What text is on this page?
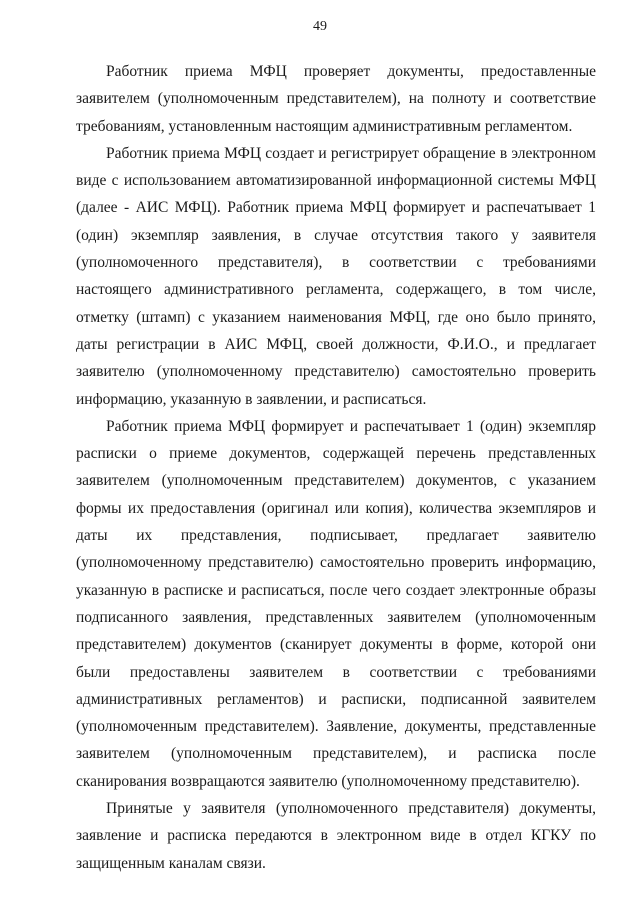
49

Работник приема МФЦ проверяет документы, предоставленные заявителем (уполномоченным представителем), на полноту и соответствие требованиям, установленным настоящим административным регламентом.

Работник приема МФЦ создает и регистрирует обращение в электронном виде с использованием автоматизированной информационной системы МФЦ (далее - АИС МФЦ). Работник приема МФЦ формирует и распечатывает 1 (один) экземпляр заявления, в случае отсутствия такого у заявителя (уполномоченного представителя), в соответствии с требованиями настоящего административного регламента, содержащего, в том числе, отметку (штамп) с указанием наименования МФЦ, где оно было принято, даты регистрации в АИС МФЦ, своей должности, Ф.И.О., и предлагает заявителю (уполномоченному представителю) самостоятельно проверить информацию, указанную в заявлении, и расписаться.

Работник приема МФЦ формирует и распечатывает 1 (один) экземпляр расписки о приеме документов, содержащей перечень представленных заявителем (уполномоченным представителем) документов, с указанием формы их предоставления (оригинал или копия), количества экземпляров и даты их представления, подписывает, предлагает заявителю (уполномоченному представителю) самостоятельно проверить информацию, указанную в расписке и расписаться, после чего создает электронные образы подписанного заявления, представленных заявителем (уполномоченным представителем) документов (сканирует документы в форме, которой они были предоставлены заявителем в соответствии с требованиями административных регламентов) и расписки, подписанной заявителем (уполномоченным представителем). Заявление, документы, представленные заявителем (уполномоченным представителем), и расписка после сканирования возвращаются заявителю (уполномоченному представителю).

Принятые у заявителя (уполномоченного представителя) документы, заявление и расписка передаются в электронном виде в отдел КГКУ по защищенным каналам связи.
